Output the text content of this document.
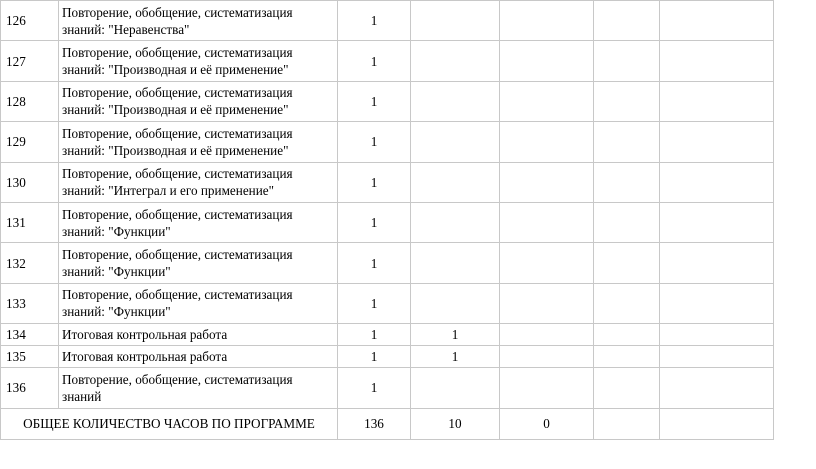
126	Повторение, обобщение, систематизация
знаний: "Неравенства"	1				
127	Повторение, обобщение, систематизация
знаний: "Производная и её применение"	1				
128	Повторение, обобщение, систематизация
знаний: "Производная и её применение"	1				
129	Повторение, обобщение, систематизация
знаний: "Производная и её применение"	1				
130	Повторение, обобщение, систематизация
знаний: "Интеграл и его применение"	1				
131	Повторение, обобщение, систематизация
знаний: "Функции"	1				
132	Повторение, обобщение, систематизация
знаний: "Функции"	1				
133	Повторение, обобщение, систематизация
знаний: "Функции"	1				
134	Итоговая контрольная работа	1	1			
135	Итоговая контрольная работа	1	1			
136	Повторение, обобщение, систематизация
знаний	1				
ОБЩЕЕ КОЛИЧЕСТВО ЧАСОВ ПО ПРОГРАММЕ		136	10	0		
